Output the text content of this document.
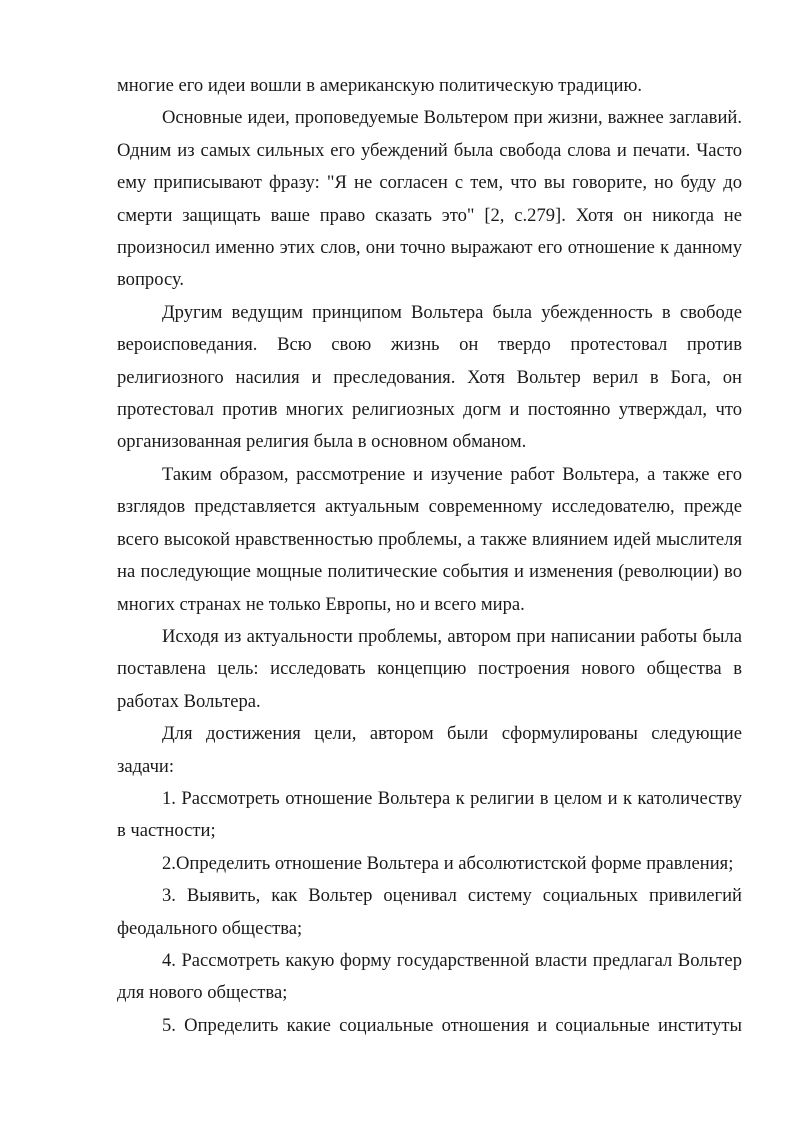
многие его идеи вошли в американскую политическую традицию.

Основные идеи, проповедуемые Вольтером при жизни, важнее заглавий. Одним из самых сильных его убеждений была свобода слова и печати. Часто ему приписывают фразу: "Я не согласен с тем, что вы говорите, но буду до смерти защищать ваше право сказать это" [2, с.279]. Хотя он никогда не произносил именно этих слов, они точно выражают его отношение к данному вопросу.

Другим ведущим принципом Вольтера была убежденность в свободе вероисповедания. Всю свою жизнь он твердо протестовал против религиозного насилия и преследования. Хотя Вольтер верил в Бога, он протестовал против многих религиозных догм и постоянно утверждал, что организованная религия была в основном обманом.

Таким образом, рассмотрение и изучение работ Вольтера, а также его взглядов представляется актуальным современному исследователю, прежде всего высокой нравственностью проблемы, а также влиянием идей мыслителя на последующие мощные политические события и изменения (революции) во многих странах не только Европы, но и всего мира.

Исходя из актуальности проблемы, автором при написании работы была поставлена цель: исследовать концепцию построения нового общества в работах Вольтера.

Для достижения цели, автором были сформулированы следующие задачи:

1. Рассмотреть отношение Вольтера к религии в целом и к католичеству в частности;

2.Определить отношение Вольтера и абсолютистской форме правления;

3. Выявить, как Вольтер оценивал систему социальных привилегий феодального общества;

4. Рассмотреть какую форму государственной власти предлагал Вольтер для нового общества;

5. Определить какие социальные отношения и социальные институты
